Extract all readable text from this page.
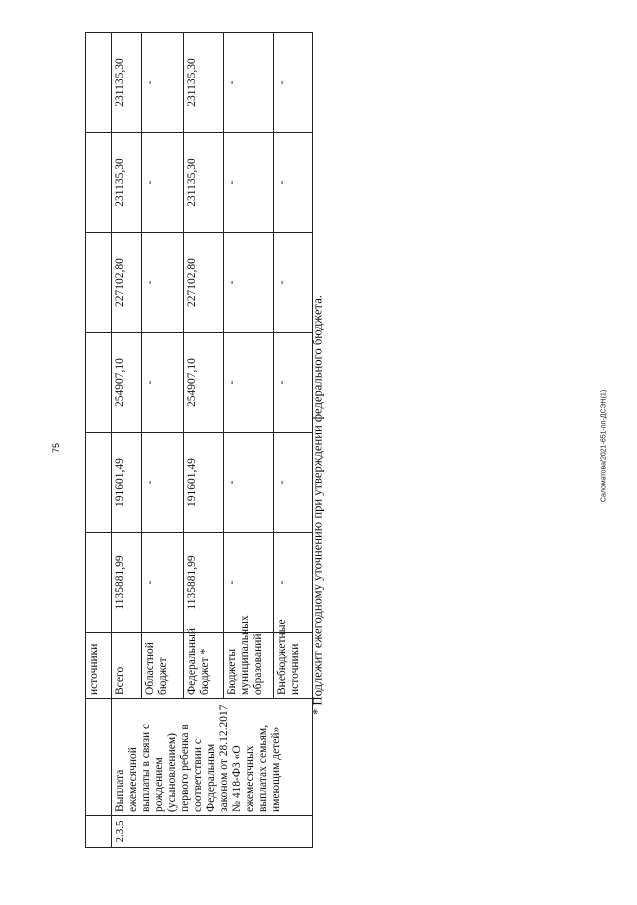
75	Саломатова/2021-651-пп-ДСЭН(1)
* Подлежит ежегодному уточнению при утверждении федерального бюджета.
		источники						
2.3.5	Выплата ежемесячной выплаты в связи с рождением (усыновлением) первого ребенка в соответствии с Федеральным законом от 28.12.2017 № 418-ФЗ «О ежемесячных выплатах семьям, имеющим детей»	Всего	1135881,99	191601,49	254907,10	227102,80	231135,30	231135,30
		Областной бюджет	-	-	-	-	-	-
		Федеральный бюджет *	1135881,99	191601,49	254907,10	227102,80	231135,30	231135,30
		Бюджеты муниципальных образований	-	-	-	-	-	-
		Внебюджетные источники	-	-	-	-	-	-
